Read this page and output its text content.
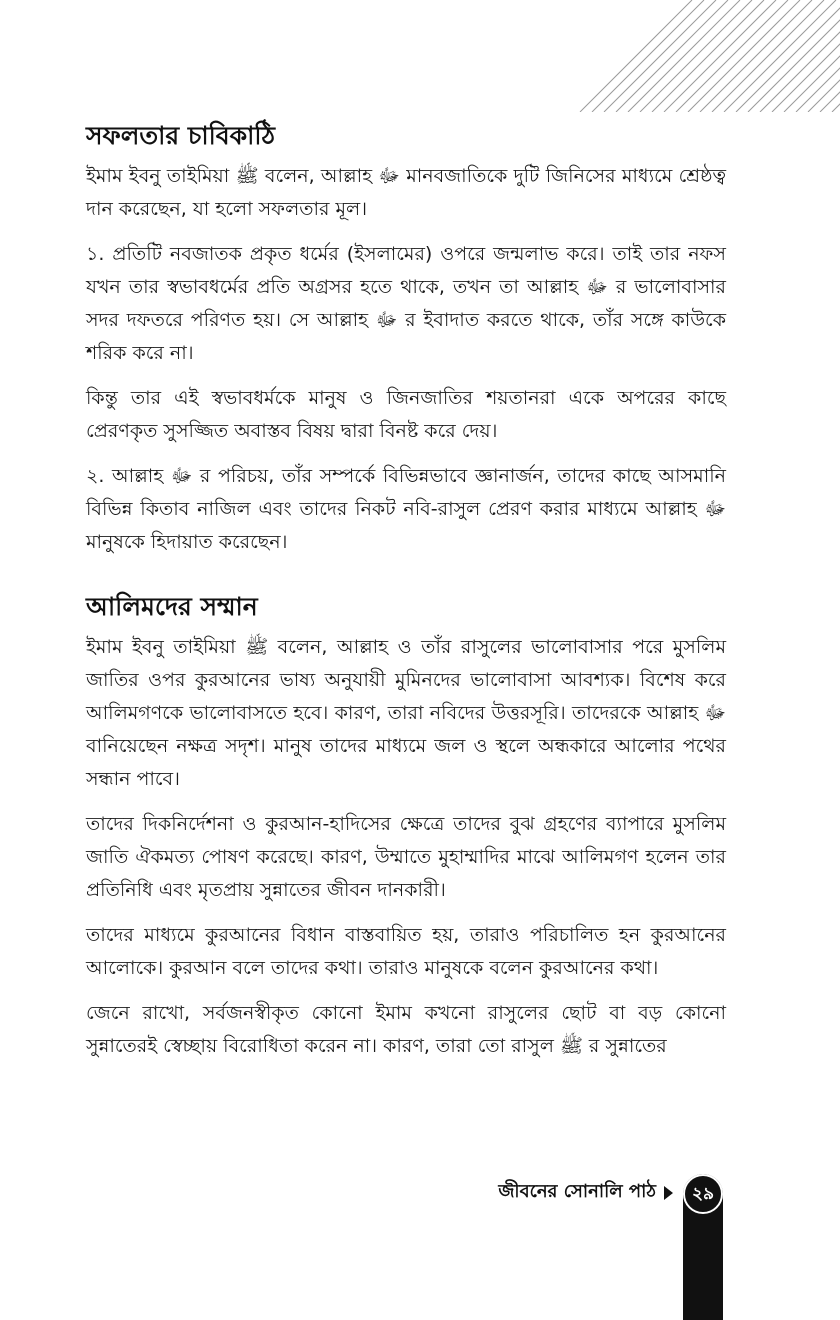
সফলতার চাবিকাঠি

ইমাম ইবনু তাইমিয়া ﷺ বলেন, আল্লাহ ﷻ মানবজাতিকে দুটি জিনিসের মাধ্যমে শ্রেষ্ঠত্ব দান করেছেন, যা হলো সফলতার মূল।

১. প্রতিটি নবজাতক প্রকৃত ধর্মের (ইসলামের) ওপরে জন্মলাভ করে। তাই তার নফস যখন তার স্বভাবধর্মের প্রতি অগ্রসর হতে থাকে, তখন তা আল্লাহ ﷻ র ভালোবাসার সদর দফতরে পরিণত হয়। সে আল্লাহ ﷻ র ইবাদাত করতে থাকে, তাঁর সঙ্গে কাউকে শরিক করে না।

কিন্তু তার এই স্বভাবধর্মকে মানুষ ও জিনজাতির শয়তানরা একে অপরের কাছে প্রেরণকৃত সুসজ্জিত অবাস্তব বিষয় দ্বারা বিনষ্ট করে দেয়।

২. আল্লাহ ﷻ র পরিচয়, তাঁর সম্পর্কে বিভিন্নভাবে জ্ঞানার্জন, তাদের কাছে আসমানি বিভিন্ন কিতাব নাজিল এবং তাদের নিকট নবি-রাসুল প্রেরণ করার মাধ্যমে আল্লাহ ﷻ মানুষকে হিদায়াত করেছেন।

আলিমদের সম্মান

ইমাম ইবনু তাইমিয়া ﷺ বলেন, আল্লাহ ও তাঁর রাসুলের ভালোবাসার পরে মুসলিম জাতির ওপর কুরআনের ভাষ্য অনুযায়ী মুমিনদের ভালোবাসা আবশ্যক। বিশেষ করে আলিমগণকে ভালোবাসতে হবে। কারণ, তারা নবিদের উত্তরসূরি। তাদেরকে আল্লাহ ﷻ বানিয়েছেন নক্ষত্র সদৃশ। মানুষ তাদের মাধ্যমে জল ও স্থলে অন্ধকারে আলোর পথের সন্ধান পাবে।

তাদের দিকনির্দেশনা ও কুরআন-হাদিসের ক্ষেত্রে তাদের বুঝ গ্রহণের ব্যাপারে মুসলিম জাতি ঐকমত্য পোষণ করেছে। কারণ, উম্মাতে মুহাম্মাদির মাঝে আলিমগণ হলেন তার প্রতিনিধি এবং মৃতপ্রায় সুন্নাতের জীবন দানকারী।

তাদের মাধ্যমে কুরআনের বিধান বাস্তবায়িত হয়, তারাও পরিচালিত হন কুরআনের আলোকে। কুরআন বলে তাদের কথা। তারাও মানুষকে বলেন কুরআনের কথা।

জেনে রাখো, সর্বজনস্বীকৃত কোনো ইমাম কখনো রাসুলের ছোট বা বড় কোনো সুন্নাতেরই স্বেচ্ছায় বিরোধিতা করেন না। কারণ, তারা তো রাসুল ﷺ র সুন্নাতের

জীবনের সোনালি পাঠ	২৯
